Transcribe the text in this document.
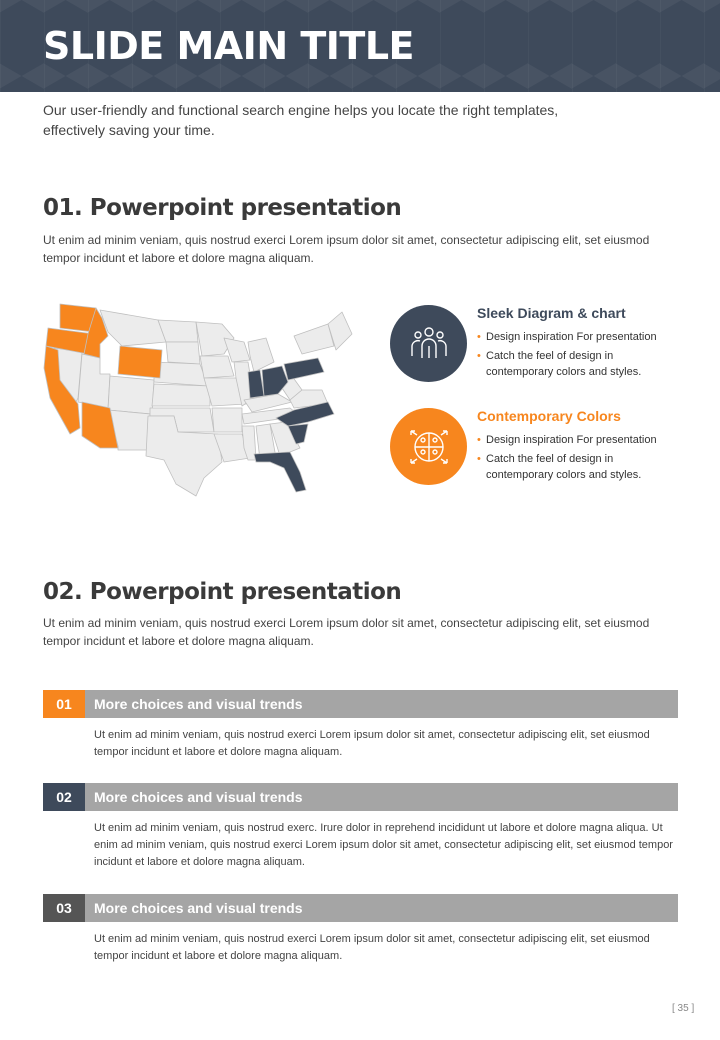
SLIDE MAIN TITLE
Our user-friendly and functional search engine helps you locate the right templates, effectively saving your time.
01. Powerpoint presentation
Ut enim ad minim veniam, quis nostrud exerci Lorem ipsum dolor sit amet, consectetur adipiscing elit, set eiusmod tempor incidunt et labore et dolore magna aliquam.
Sleek Diagram & chart
• Design inspiration For presentation
• Catch the feel of design in contemporary colors and styles.
Contemporary Colors
• Design inspiration For presentation
• Catch the feel of design in contemporary colors and styles.
02. Powerpoint presentation
Ut enim ad minim veniam, quis nostrud exerci Lorem ipsum dolor sit amet, consectetur adipiscing elit, set eiusmod tempor incidunt et labore et dolore magna aliquam.
01	More choices and visual trends
Ut enim ad minim veniam, quis nostrud exerci Lorem ipsum dolor sit amet, consectetur adipiscing elit, set eiusmod tempor incidunt et labore et dolore magna aliquam.
02	More choices and visual trends
Ut enim ad minim veniam, quis nostrud exerc. Irure dolor in reprehend incididunt ut labore et dolore magna aliqua. Ut enim ad minim veniam, quis nostrud exerci Lorem ipsum dolor sit amet, consectetur adipiscing elit, set eiusmod tempor incidunt et labore et dolore magna aliquam.
03	More choices and visual trends
Ut enim ad minim veniam, quis nostrud exerci Lorem ipsum dolor sit amet, consectetur adipiscing elit, set eiusmod tempor incidunt et labore et dolore magna aliquam.
[ 35 ]
